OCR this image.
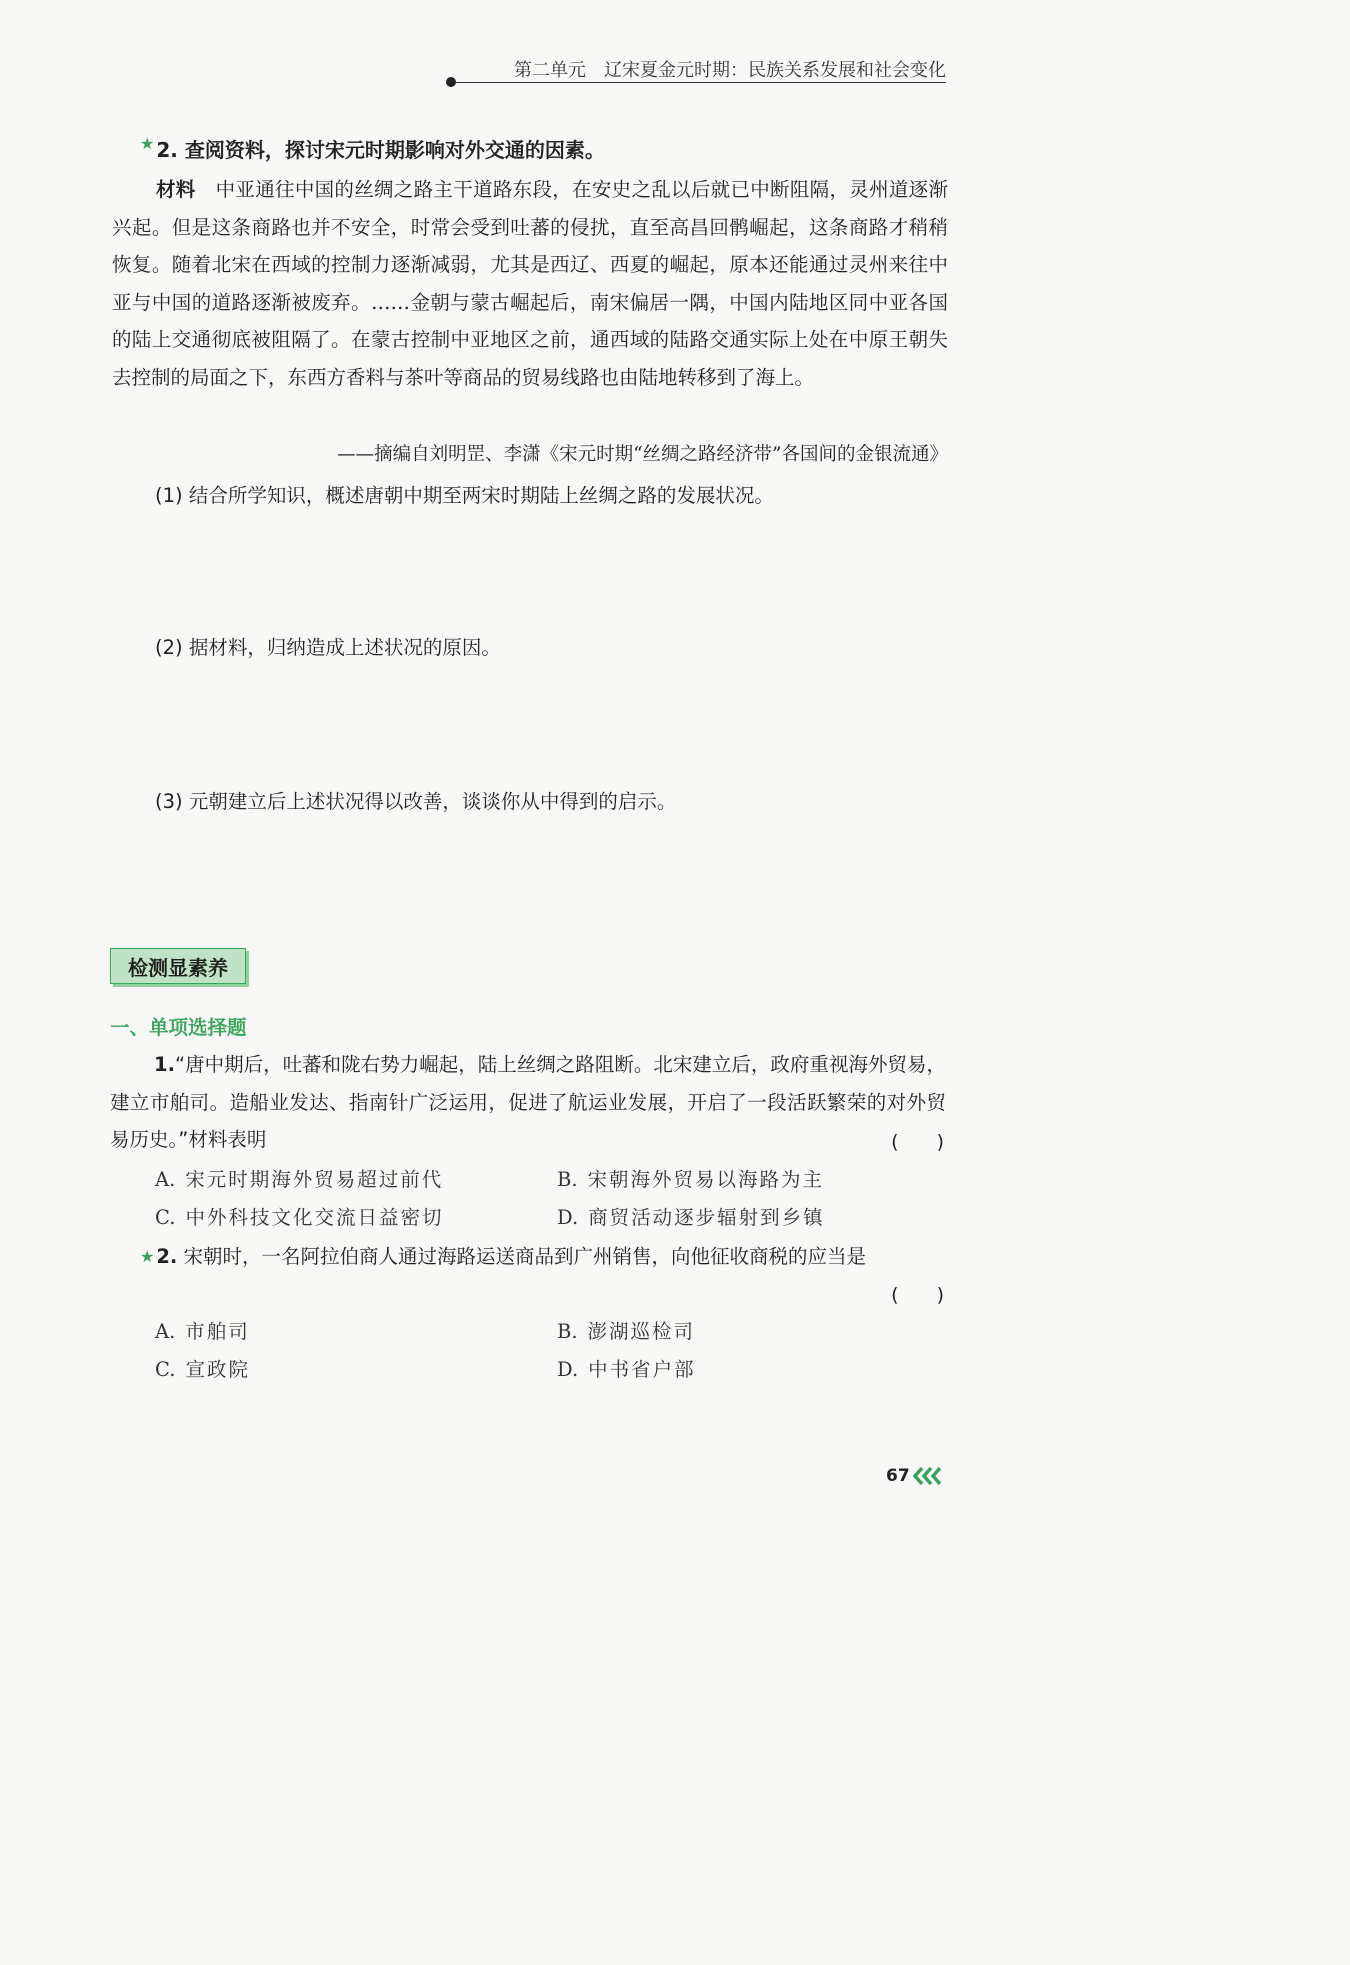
第二单元　辽宋夏金元时期：民族关系发展和社会变化
★ 2. 查阅资料，探讨宋元时期影响对外交通的因素。
材料 中亚通往中国的丝绸之路主干道路东段，在安史之乱以后就已中断阻隔，灵州道逐渐兴起。但是这条商路也并不安全，时常会受到吐蕃的侵扰，直至高昌回鹘崛起，这条商路才稍稍恢复。随着北宋在西域的控制力逐渐减弱，尤其是西辽、西夏的崛起，原本还能通过灵州来往中亚与中国的道路逐渐被废弃。……金朝与蒙古崛起后，南宋偏居一隅，中国内陆地区同中亚各国的陆上交通彻底被阻隔了。在蒙古控制中亚地区之前，通西域的陆路交通实际上处在中原王朝失去控制的局面之下，东西方香料与茶叶等商品的贸易线路也由陆地转移到了海上。
——摘编自刘明罡、李潇《宋元时期“丝绸之路经济带”各国间的金银流通》
(1) 结合所学知识，概述唐朝中期至两宋时期陆上丝绸之路的发展状况。
(2) 据材料，归纳造成上述状况的原因。
(3) 元朝建立后上述状况得以改善，谈谈你从中得到的启示。
检测显素养
一、单项选择题
1.“唐中期后，吐蕃和陇右势力崛起，陆上丝绸之路阻断。北宋建立后，政府重视海外贸易，建立市舶司。造船业发达、指南针广泛运用，促进了航运业发展，开启了一段活跃繁荣的对外贸易历史。”材料表明	(　　)
A. 宋元时期海外贸易超过前代	B. 宋朝海外贸易以海路为主
C. 中外科技文化交流日益密切	D. 商贸活动逐步辐射到乡镇
★ 2. 宋朝时，一名阿拉伯商人通过海路运送商品到广州销售，向他征收商税的应当是
(　　)
A. 市舶司	B. 澎湖巡检司
C. 宣政院	D. 中书省户部
67
